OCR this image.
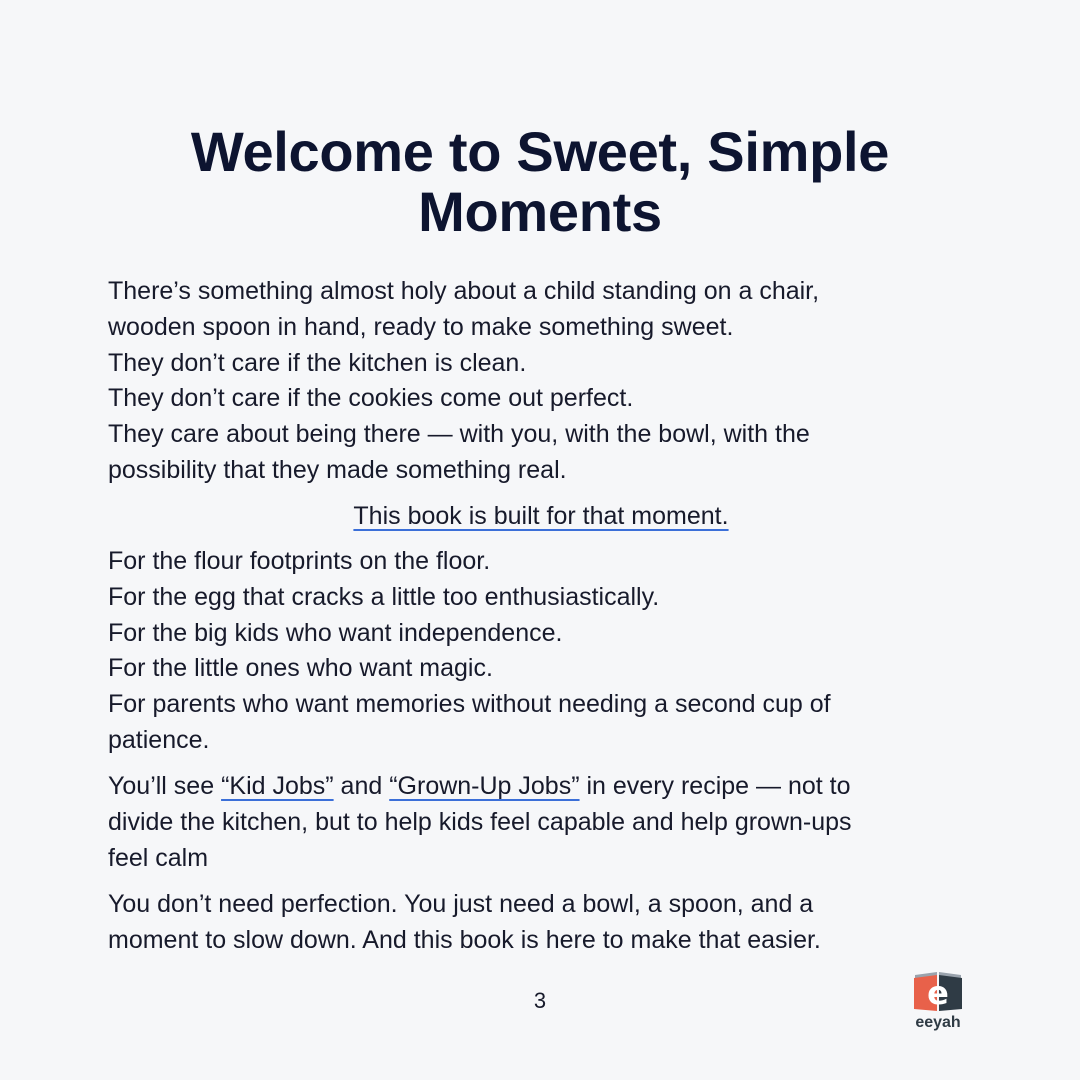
Welcome to Sweet, Simple
Moments
There’s something almost holy about a child standing on a chair,
wooden spoon in hand, ready to make something sweet.
They don’t care if the kitchen is clean.
They don’t care if the cookies come out perfect.
They care about being there — with you, with the bowl, with the
possibility that they made something real.
This book is built for that moment.
For the flour footprints on the floor.
For the egg that cracks a little too enthusiastically.
For the big kids who want independence.
For the little ones who want magic.
For parents who want memories without needing a second cup of
patience.
You’ll see “Kid Jobs” and “Grown-Up Jobs” in every recipe — not to
divide the kitchen, but to help kids feel capable and help grown-ups
feel calm
You don’t need perfection. You just need a bowl, a spoon, and a
moment to slow down. And this book is here to make that easier.
3	e
eeyah
